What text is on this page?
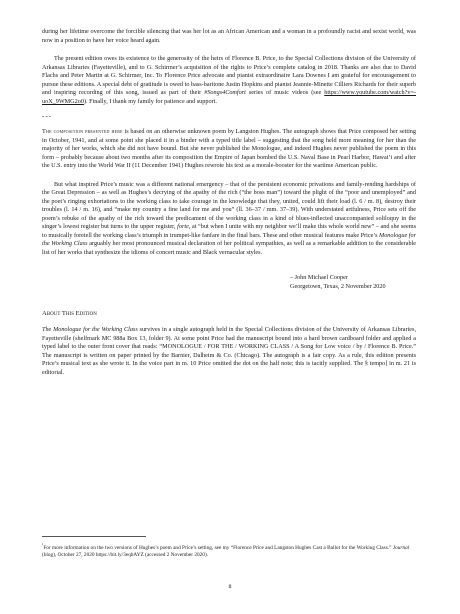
during her lifetime overcome the forcible silencing that was her lot as an African American and a woman in a profoundly racist and sexist world, was now in a position to have her voice heard again.

The present edition owes its existence to the generosity of the heirs of Florence B. Price, to the Special Collections division of the University of Arkansas Libraries (Fayetteville), and to G. Schirmer’s acquisition of the rights to Price’s complete catalog in 2018. Thanks are also due to David Flachs and Peter Martin at G. Schirmer, Inc. To Florence Price advocate and pianist extraordinaire Lara Downes I am grateful for encouragement to pursue these editions. A special debt of gratitude is owed to bass-baritone Justin Hopkins and pianist Jeannie-Minette Cilliers Richards for their superb and inspiring recording of this song, issued as part of their #Songs4Comfort series of music videos (see https://www.youtube.com/watch?v=-uoX_9WMG2o0). Finally, I thank my family for patience and support.

---

The composition presented here is based on an otherwise unknown poem by Langston Hughes. The autograph shows that Price composed her setting in October, 1941, and at some point she placed it in a binder with a typed title label – suggesting that the song held more meaning for her than the majority of her works, which she did not have bound. But she never published the Monologue, and indeed Hughes never published the poem in this form – probably because about two months after its composition the Empire of Japan bombed the U.S. Naval Base in Pearl Harbor, Hawai’i and after the U.S. entry into the World War II (11 December 1941) Hughes rewrote his text as a morale-booster for the wartime American public.

But what inspired Price’s music was a different national emergency – that of the persistent economic privations and family-rending hardships of the Great Depression – as well as Hughes’s decrying of the apathy of the rich (“the boss man”) toward the plight of the “poor and unemployed” and the poet’s ringing exhortations to the working class to take courage in the knowledge that they, united, could lift their load (l. 6 / m. 8), destroy their troubles (l. 14 / m. 16), and “make my country a fine land for me and you” (ll. 36–37 / mm. 37–39). With understated artfulness, Price sets off the poem’s rebuke of the apathy of the rich toward the predicament of the working class in a kind of blues-inflected unaccompanied soliloquy in the singer’s lowest register but turns to the upper register, forte, at “but when I unite with my neighbor we’ll make this whole world new” – and she seems to musically foretell the working class’s triumph in trumpet-like fanfare in the final bars. These and other musical features make Price’s Monologue for the Working Class arguably her most pronounced musical declaration of her political sympathies, as well as a remarkable addition to the considerable list of her works that synthesize the idioms of concert music and Black vernacular styles.

– John Michael Cooper

Georgetown, Texas, 2 November 2020

About This Edition

The Monologue for the Working Class survives in a single autograph held in the Special Collections division of the University of Arkansas Libraries, Fayetteville (shelfmark MC 988a Box 13, folder 9). At some point Price had the manuscript bound into a hard brown cardboard folder and applied a typed label to the outer front cover that reads: “MONOLOGUE / FOR THE / WORKING CLASS / A Song for Low voice / by / Florence B. Price.” The manuscript is written on paper printed by the Barnier, Dalheim & Co. (Chicago). The autograph is a fair copy. As a rule, this edition presents Price’s musical text as she wrote it. In the voice part in m. 10 Price omitted the dot on the half note; this is tacitly supplied. The § tempo] in m. 21 is editorial.

$^{^1}$For more information on the two versions of Hughes’s poem and Price’s setting, see my “Florence Price and Langston Hughes Cast a Ballot for the Working Class.” Journal (blog), October 27, 2020 https://bit.ly/3eqbAYZ (accessed 2 November 2020).

ii
